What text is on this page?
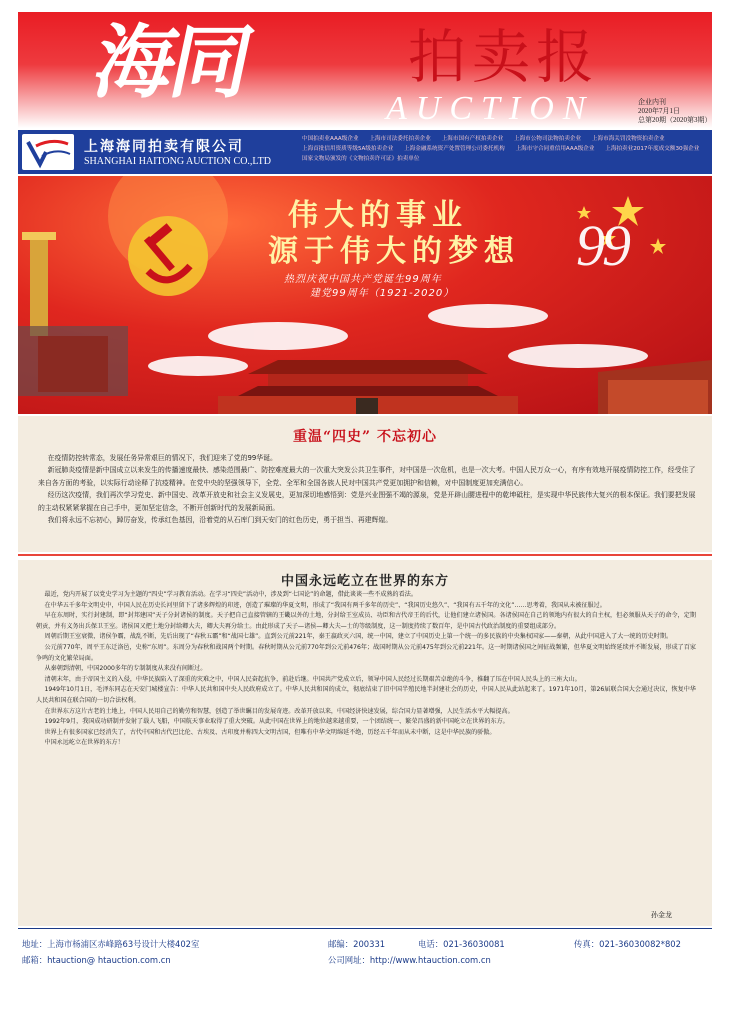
海同	拍卖报
AUCTION	企业内刊
2020年7月1日
总第20期（2020第3期）
上海海同拍卖有限公司
SHANGHAI HAITONG AUCTION CO.,LTD
中国拍卖业AAA级企业 上海市司法委托拍卖企业 上海市国有产权拍卖企业 上海市公物司法物拍卖企业 上海市海关罚没物资拍卖企业 上海首批信用资质等级5A级拍卖企业 上海金融系统资产处置管理公司委托机构 上海市守合同重信用AAA级企业 上海拍卖业2017年度成交额30强企业 国家文物局颁发的《文物拍卖许可证》拍卖单位
伟大的事业
源于伟大的梦想
热烈庆祝中国共产党诞生99周年
建党99周年（1921-2020）
99
重温“四史” 不忘初心

在疫情防控转常态，发展任务异常艰巨的情况下，我们迎来了党的99华诞。

新冠肺炎疫情是新中国成立以来发生的传播速度最快、感染范围最广、防控难度最大的一次重大突发公共卫生事件，对中国是一次危机，也是一次大考。中国人民万众一心，有序有效地开展疫情防控工作，经受住了来自各方面的考验，以实际行动诠释了抗疫精神。在党中央的坚强领导下，全党、全军和全国各族人民对中国共产党更加拥护和信赖，对中国制度更加充满信心。

经历这次疫情，我们再次学习党史、新中国史、改革开放史和社会主义发展史，更加深切地感悟到：党是兴业图强不竭的源泉，党是开辟山腰进程中的乾坤砥柱，是实现中华民族伟大复兴的根本保证。我们要把发展的主动权紧紧掌握在自己手中，更加坚定信念，不断开创新时代的发展新局面。

我们将永远不忘初心，踔厉奋发，传承红色基因，沿着党的从石库门到天安门的红色历史，勇于担当、再建辉煌。

中国永远屹立在世界的东方

最近，党内开展了以党史学习为主题的“四史”学习教育活动。在学习“四史”活动中，涉及到“七国论”的命题，借此谈谈一些不成熟的看法。

在中华五千多年文明史中，中国人民在历史长河里留下了诸多辉煌的印迹，创造了璀璨的华夏文明，形成了“我国有两千多年的历史”、“我国历史悠久”、“我国有五千年的文化”……思考着，我国从未被征服过。

早在东周时，实行封建制，即“封邦建国”天子分封诸侯的制度。天子把自己直接管辖的王畿以外的土地，分封给王室成员、功臣和古代帝王的后代，让他们建立诸侯国。各诸侯国在自己的领地内有很大的自主权，但必须服从天子的命令，定期朝贡，并有义务出兵保卫王室。诸侯国又把土地分封给卿大夫，卿大夫再分给士。由此形成了天子—诸侯—卿大夫—士的等级制度，这一制度持续了数百年，是中国古代政治制度的重要组成部分。

周朝后期王室衰微，诸侯争霸，战乱不断，先后出现了“春秋五霸”和“战国七雄”。直到公元前221年，秦王嬴政灭六国，统一中国，建立了中国历史上第一个统一的多民族的中央集权国家——秦朝，从此中国进入了大一统的历史时期。

公元前770年，周平王东迁洛邑，史称“东周”。东周分为春秋和战国两个时期。春秋时期从公元前770年到公元前476年；战国时期从公元前475年到公元前221年。这一时期诸侯国之间征战频繁，但华夏文明始终延续并不断发展，形成了百家争鸣的文化繁荣局面。

从秦朝到清朝，中国2000多年的专制制度从来没有间断过。

清朝末年，由于帝国主义的入侵，中华民族陷入了深重的灾难之中，中国人民奋起抗争，前赴后继。中国共产党成立后，领导中国人民经过长期艰苦卓绝的斗争，推翻了压在中国人民头上的三座大山。

1949年10月1日，毛泽东同志在天安门城楼宣告：中华人民共和国中央人民政府成立了。中华人民共和国的成立，彻底结束了旧中国半殖民地半封建社会的历史，中国人民从此站起来了。1971年10月，第26届联合国大会通过决议，恢复中华人民共和国在联合国的一切合法权利。

在世界东方这片古老的土地上，中国人民用自己的勤劳和智慧，创造了举世瞩目的发展奇迹。改革开放以来，中国经济快速发展，综合国力显著增强，人民生活水平大幅提高。

1992年9月，我国成功研制并发射了载人飞船，中国航天事业取得了重大突破。从此中国在世界上的地位越来越重要，一个团结统一、繁荣昌盛的新中国屹立在世界的东方。

世界上有很多国家已经消失了，古代中国和古代巴比伦、古埃及、古印度并称四大文明古国，但唯有中华文明绵延不绝，历经五千年而从未中断，这是中华民族的骄傲。

中国永远屹立在世界的东方！

孙金龙
地址：上海市杨浦区赤峰路63号设计大楼402室	邮编：200331	电话：021-36030081	传真：021-36030082*802
邮箱：htauction@ htauction.com.cn	公司网址：http://www.htauction.com.cn
